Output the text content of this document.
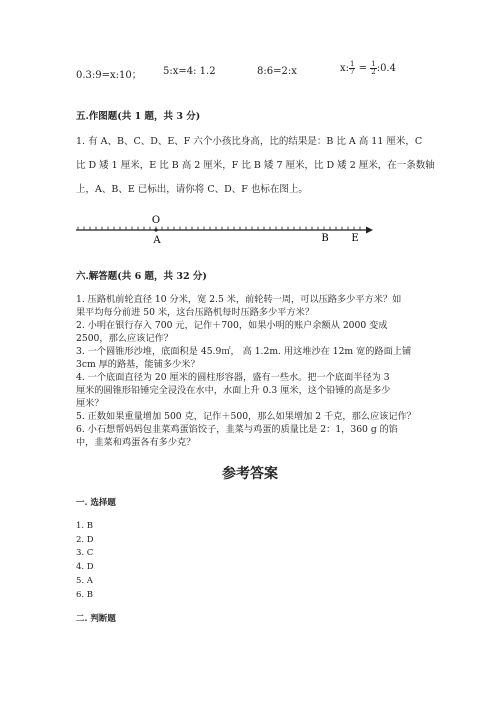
0.3:9=x:10； 5:x=4: 1.2	8:6=2:x	x: $\frac{1}{7} = \frac{1}{2}$ :0.4
五.作图题(共 1 题，共 3 分)
1. 有 A、B、C、D、E、F 六个小孩比身高，比的结果是：B 比 A 高 11 厘米，C
比 D 矮 1 厘米，E 比 B 高 2 厘米，F 比 B 矮 7 厘米，比 D 矮 2 厘米，在一条数轴
上，A、B、E 已标出，请你将 C、D、F 也标在图上。
O
A	B E
六.解答题(共 6 题，共 32 分)
1. 压路机前轮直径 10 分米，宽 2.5 米，前轮转一周，可以压路多少平方米？如
果平均每分前进 50 米，这台压路机每时压路多少平方米？
2. 小明在银行存入 700 元，记作＋700，如果小明的账户余额从 2000 变成
2500，那么应该记作？
3. 一个圆锥形沙堆，底面积是 45.9㎡， 高 1.2m. 用这堆沙在 12m 宽的路面上铺
3cm 厚的路基，能铺多少米？
4. 一个底面直径为 20 厘米的圆柱形容器，盛有一些水。把一个底面半径为 3
厘米的圆锥形铅锤完全浸没在水中，水面上升 0.3 厘米，这个铅锤的高是多少
厘米？
5. 正数如果重量增加 500 克，记作＋500，那么如果增加 2 千克，那么应该记作？
6. 小石想帮妈妈包韭菜鸡蛋馅饺子，韭菜与鸡蛋的质量比是 2：1，360 g 的馅
中，韭菜和鸡蛋各有多少克？
参考答案
一. 选择题
1. B
2. D
3. C
4. D
5. A
6. B
二. 判断题
